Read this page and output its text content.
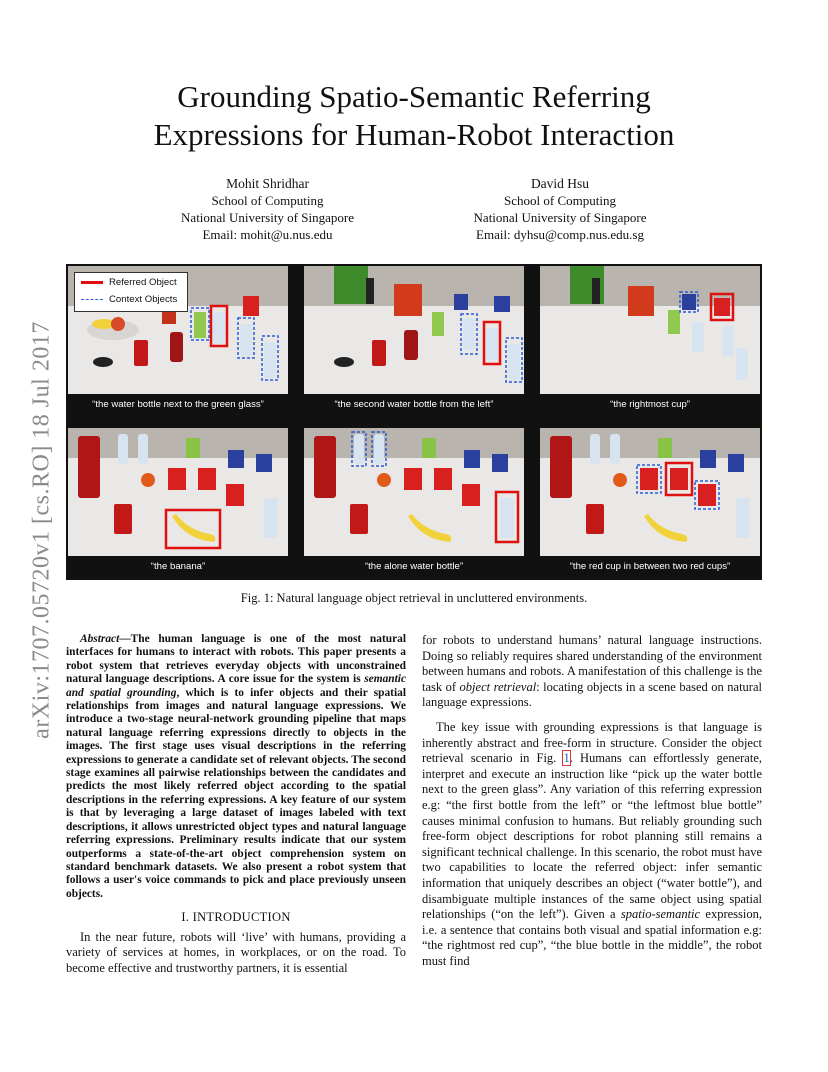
arXiv:1707.05720v1 [cs.RO] 18 Jul 2017
Grounding Spatio-Semantic Referring
Expressions for Human-Robot Interaction
Mohit Shridhar
School of Computing
National University of Singapore
Email: mohit@u.nus.edu
David Hsu
School of Computing
National University of Singapore
Email: dyhsu@comp.nus.edu.sg
Referred Object
Context Objects
“the water bottle next to the green glass”	“the second water bottle from the left”	“the rightmost cup”
“the banana”	“the alone water bottle”	“the red cup in between two red cups”
Fig. 1: Natural language object retrieval in uncluttered environments.

Abstract—The human language is one of the most natural interfaces for humans to interact with robots. This paper presents a robot system that retrieves everyday objects with unconstrained natural language descriptions. A core issue for the system is semantic and spatial grounding, which is to infer objects and their spatial relationships from images and natural language expressions. We introduce a two-stage neural-network grounding pipeline that maps natural language referring expressions directly to objects in the images. The first stage uses visual descriptions in the referring expressions to generate a candidate set of relevant objects. The second stage examines all pairwise relationships between the candidates and predicts the most likely referred object according to the spatial descriptions in the referring expressions. A key feature of our system is that by leveraging a large dataset of images labeled with text descriptions, it allows unrestricted object types and natural language referring expressions. Preliminary results indicate that our system outperforms a state-of-the-art object comprehension system on standard benchmark datasets. We also present a robot system that follows a user's voice commands to pick and place previously unseen objects.

I. INTRODUCTION

In the near future, robots will ‘live’ with humans, providing a variety of services at homes, in workplaces, or on the road. To become effective and trustworthy partners, it is essential

for robots to understand humans’ natural language instructions. Doing so reliably requires shared understanding of the environment between humans and robots. A manifestation of this challenge is the task of object retrieval: locating objects in a scene based on natural language expressions.

The key issue with grounding expressions is that language is inherently abstract and free-form in structure. Consider the object retrieval scenario in Fig. 1. Humans can effortlessly generate, interpret and execute an instruction like “pick up the water bottle next to the green glass”. Any variation of this referring expression e.g: “the first bottle from the left” or “the leftmost blue bottle” causes minimal confusion to humans. But reliably grounding such free-form object descriptions for robot planning still remains a significant technical challenge. In this scenario, the robot must have two capabilities to locate the referred object: infer semantic information that uniquely describes an object (“water bottle”), and disambiguate multiple instances of the same object using spatial relationships (“on the left”). Given a spatio-semantic expression, i.e. a sentence that contains both visual and spatial information e.g: “the rightmost red cup”, “the blue bottle in the middle”, the robot must find
